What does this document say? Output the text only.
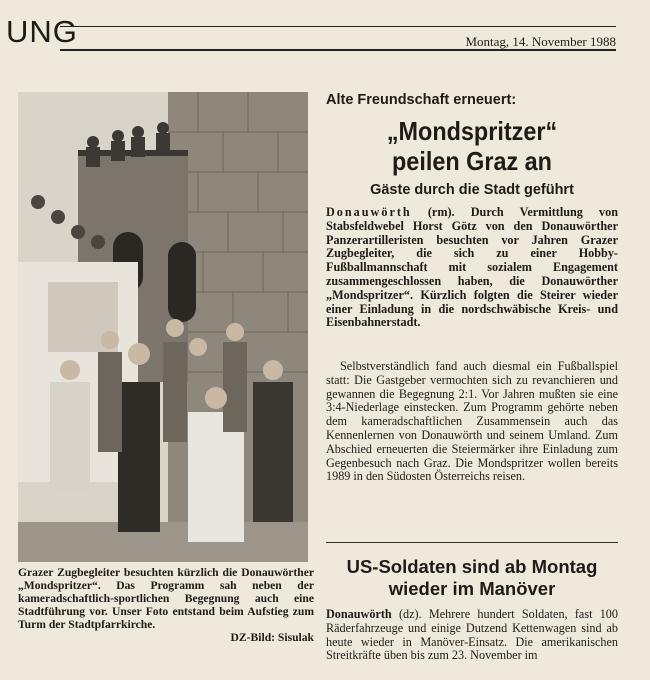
UNG	Montag, 14. November 1988
Grazer Zugbegleiter besuchten kürzlich die Donauwörther „Mondspritzer“. Das Programm sah neben der kameradschaftlich-sportlichen Begegnung auch eine Stadtführung vor. Unser Foto entstand beim Aufstieg zum Turm der Stadtpfarrkirche.
DZ-Bild: Sisulak
Alte Freundschaft erneuert:
„Mondspritzer“
peilen Graz an
Gäste durch die Stadt geführt
Donauwörth (rm). Durch Vermittlung von Stabsfeldwebel Horst Götz von den Donauwörther Panzerartilleristen besuchten vor Jahren Grazer Zugbegleiter, die sich zu einer Hobby-Fußballmannschaft mit sozialem Engagement zusammengeschlossen haben, die Donauwörther „Mondspritzer“. Kürzlich folgten die Steirer wieder einer Einladung in die nordschwäbische Kreis- und Eisenbahnerstadt.

Selbstverständlich fand auch diesmal ein Fußballspiel statt: Die Gastgeber vermochten sich zu revanchieren und gewannen die Begegnung 2:1. Vor Jahren mußten sie eine 3:4-Niederlage einstecken. Zum Programm gehörte neben dem kameradschaftlichen Zusammensein auch das Kennenlernen von Donauwörth und seinem Umland. Zum Abschied erneuerten die Steiermärker ihre Einladung zum Gegenbesuch nach Graz. Die Mondspritzer wollen bereits 1989 in den Südosten Österreichs reisen.

US-Soldaten sind ab Montag
wieder im Manöver
Donauwörth (dz). Mehrere hundert Soldaten, fast 100 Räderfahrzeuge und einige Dutzend Kettenwagen sind ab heute wieder in Manöver-Einsatz. Die amerikanischen Streitkräfte üben bis zum 23. November im
